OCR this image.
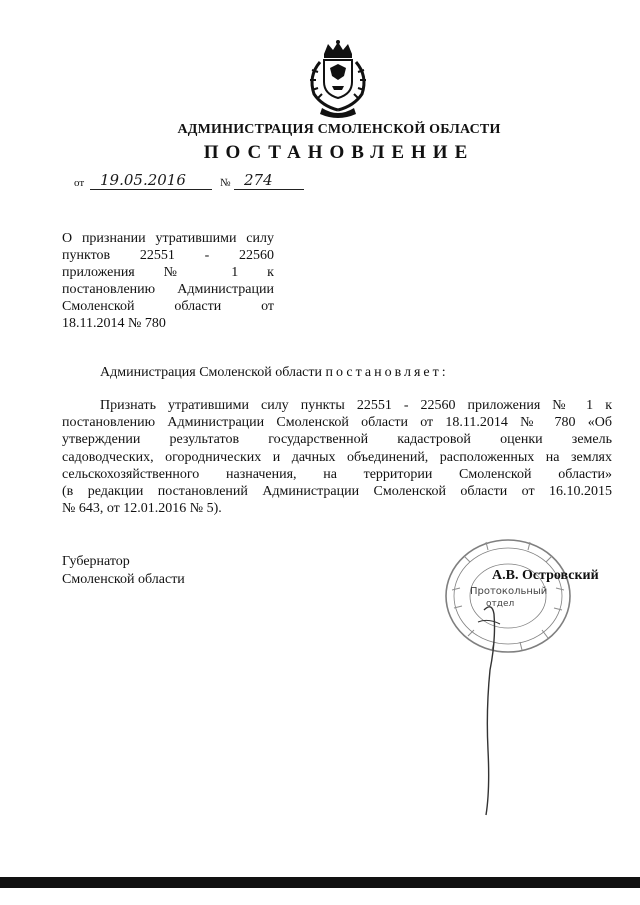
АДМИНИСТРАЦИЯ СМОЛЕНСКОЙ ОБЛАСТИ
ПОСТАНОВЛЕНИЕ
от 19.05.2016	№ 274
О признании утратившими силу
пунктов 22551 - 22560
приложения № 1 к
постановлению Администрации
Смоленской области от
18.11.2014 № 780
Администрация Смоленской области постановляет:
Признать утратившими силу пункты 22551 - 22560 приложения № 1 к
постановлению Администрации Смоленской области от 18.11.2014 № 780 «Об
утверждении результатов государственной кадастровой оценки земель
садоводческих, огороднических и дачных объединений, расположенных на землях
сельскохозяйственного назначения, на территории Смоленской области»
(в редакции постановлений Администрации Смоленской области от 16.10.2015
№ 643, от 12.01.2016 № 5).
Губернатор
Смоленской области
Протокольный
отдел
А.В. Островский
